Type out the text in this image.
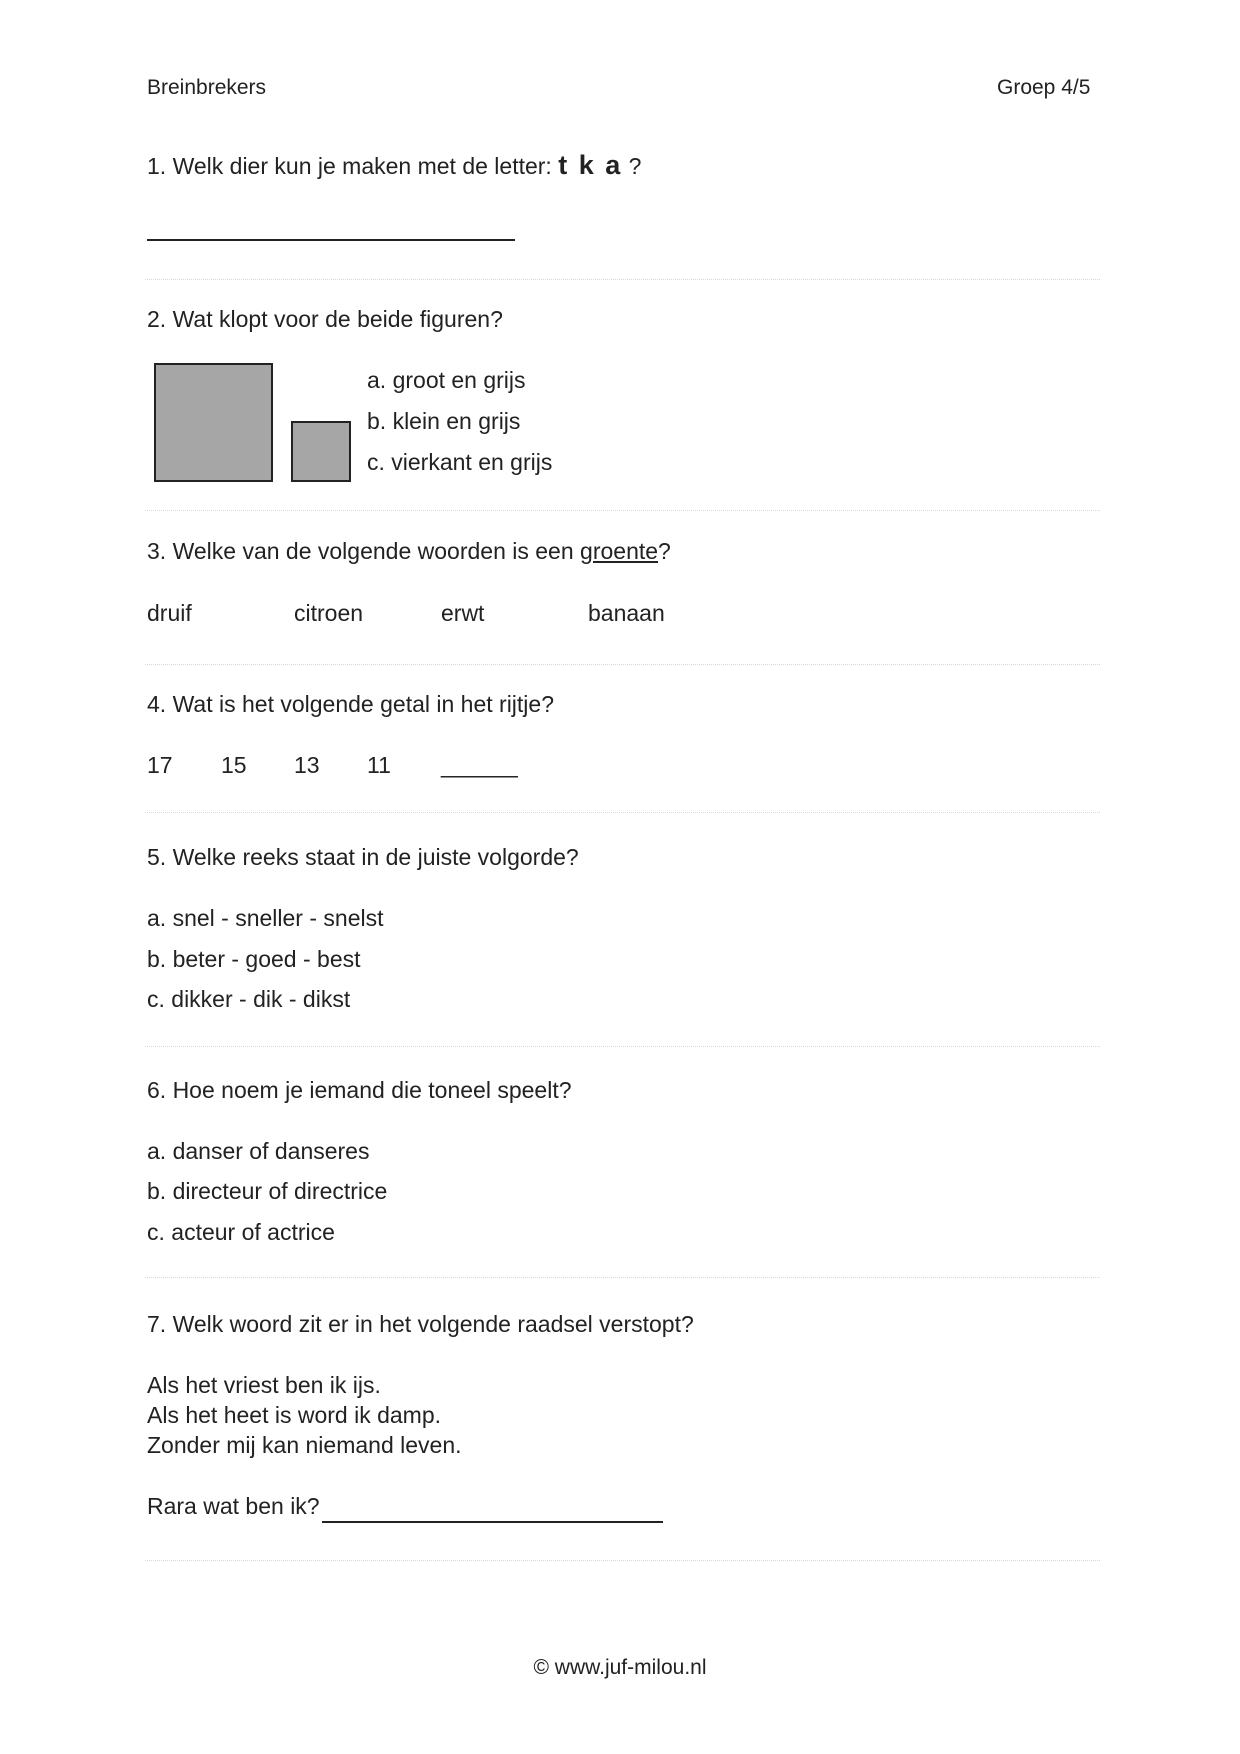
Breinbrekers	Groep 4/5
1. Welk dier kun je maken met de letter: t k a ?
2. Wat klopt voor de beide figuren?
a. groot en grijs
b. klein en grijs
c. vierkant en grijs
3. Welke van de volgende woorden is een groente?
druif	citroen	erwt	banaan
4. Wat is het volgende getal in het rijtje?
17 15 13 11 ______
5. Welke reeks staat in de juiste volgorde?
a. snel - sneller - snelst
b. beter - goed - best
c. dikker - dik - dikst
6. Hoe noem je iemand die toneel speelt?
a. danser of danseres
b. directeur of directrice
c. acteur of actrice
7. Welk woord zit er in het volgende raadsel verstopt?
Als het vriest ben ik ijs.
Als het heet is word ik damp.
Zonder mij kan niemand leven.
Rara wat ben ik?
© www.juf-milou.nl
